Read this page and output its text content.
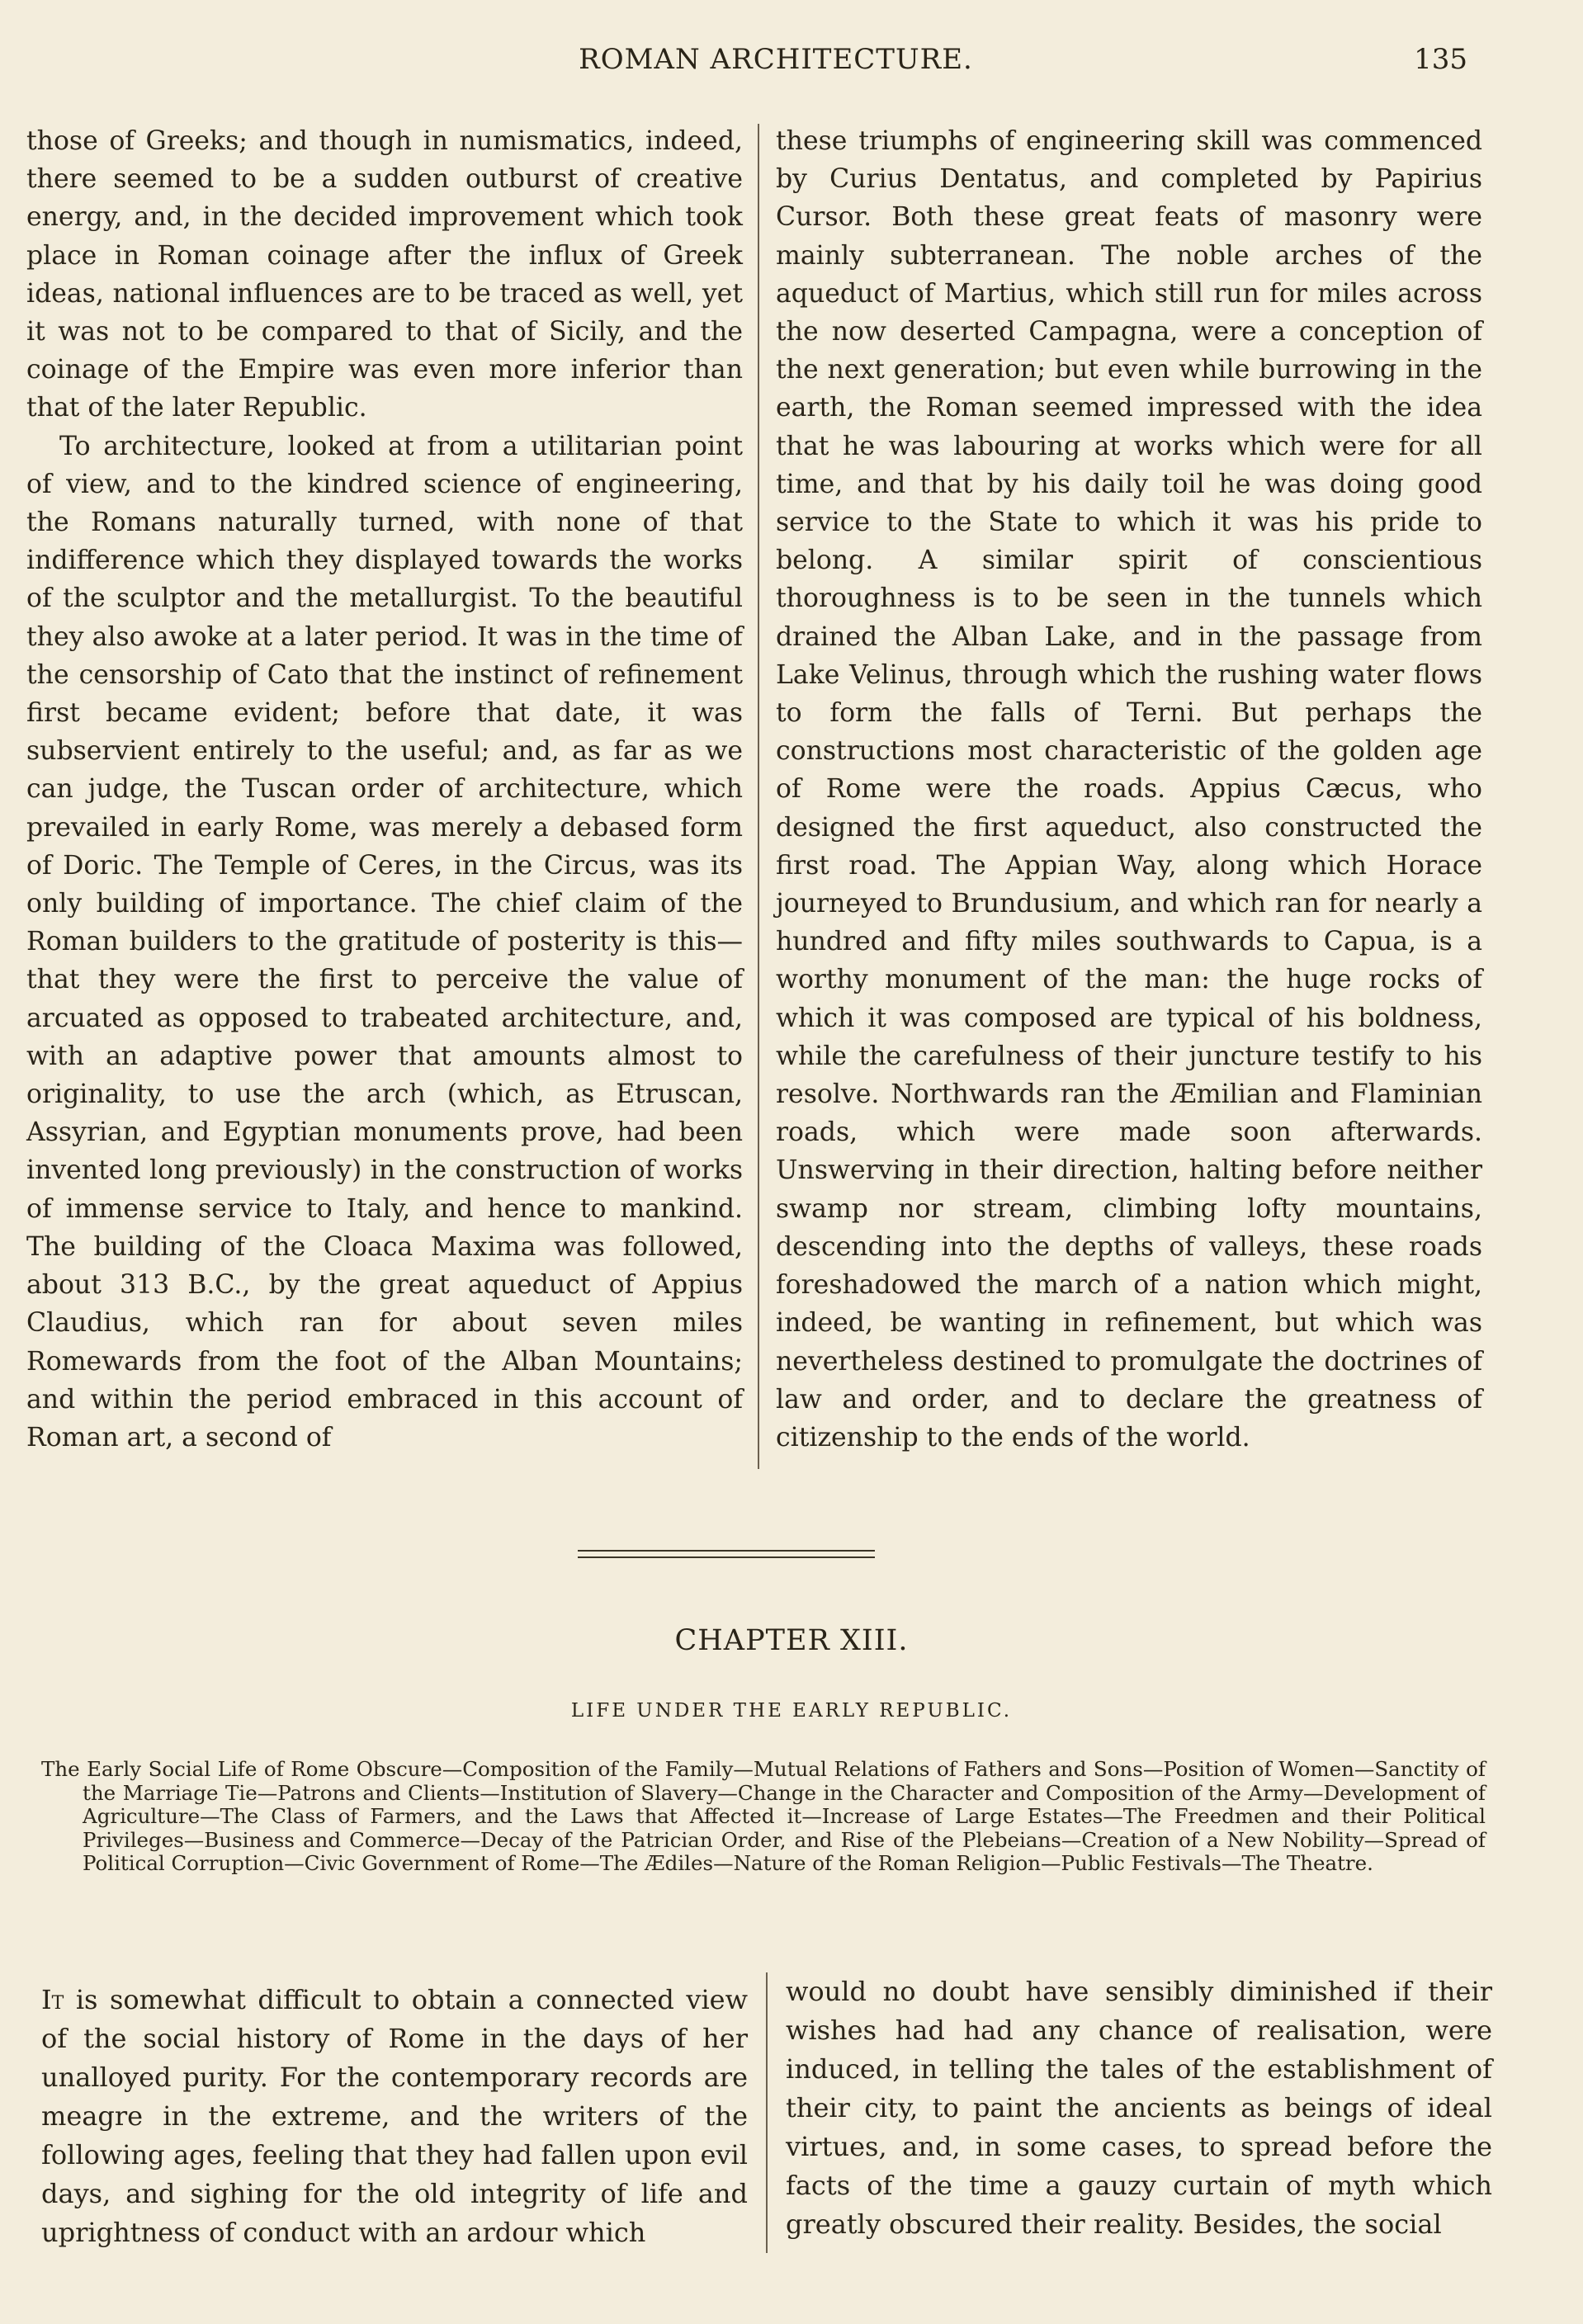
ROMAN ARCHITECTURE.	135

those of Greeks; and though in numismatics, indeed, there seemed to be a sudden outburst of creative energy, and, in the decided improvement which took place in Roman coinage after the influx of Greek ideas, national influences are to be traced as well, yet it was not to be compared to that of Sicily, and the coinage of the Empire was even more inferior than that of the later Republic.

To architecture, looked at from a utilitarian point of view, and to the kindred science of engineering, the Romans naturally turned, with none of that indifference which they displayed towards the works of the sculptor and the metallurgist. To the beautiful they also awoke at a later period. It was in the time of the censorship of Cato that the instinct of refinement first became evident; before that date, it was subservient entirely to the useful; and, as far as we can judge, the Tuscan order of architecture, which prevailed in early Rome, was merely a debased form of Doric. The Temple of Ceres, in the Circus, was its only building of importance. The chief claim of the Roman builders to the gratitude of posterity is this—that they were the first to perceive the value of arcuated as opposed to trabeated architecture, and, with an adaptive power that amounts almost to originality, to use the arch (which, as Etruscan, Assyrian, and Egyptian monuments prove, had been invented long previously) in the construction of works of immense service to Italy, and hence to mankind. The building of the Cloaca Maxima was followed, about 313 B.C., by the great aqueduct of Appius Claudius, which ran for about seven miles Romewards from the foot of the Alban Mountains; and within the period embraced in this account of Roman art, a second of

these triumphs of engineering skill was commenced by Curius Dentatus, and completed by Papirius Cursor. Both these great feats of masonry were mainly subterranean. The noble arches of the aqueduct of Martius, which still run for miles across the now deserted Campagna, were a conception of the next generation; but even while burrowing in the earth, the Roman seemed impressed with the idea that he was labouring at works which were for all time, and that by his daily toil he was doing good service to the State to which it was his pride to belong. A similar spirit of conscientious thoroughness is to be seen in the tunnels which drained the Alban Lake, and in the passage from Lake Velinus, through which the rushing water flows to form the falls of Terni. But perhaps the constructions most characteristic of the golden age of Rome were the roads. Appius Cæcus, who designed the first aqueduct, also constructed the first road. The Appian Way, along which Horace journeyed to Brundusium, and which ran for nearly a hundred and fifty miles southwards to Capua, is a worthy monument of the man: the huge rocks of which it was composed are typical of his boldness, while the carefulness of their juncture testify to his resolve. Northwards ran the Æmilian and Flaminian roads, which were made soon afterwards. Unswerving in their direction, halting before neither swamp nor stream, climbing lofty mountains, descending into the depths of valleys, these roads foreshadowed the march of a nation which might, indeed, be wanting in refinement, but which was nevertheless destined to promulgate the doctrines of law and order, and to declare the greatness of citizenship to the ends of the world.

CHAPTER XIII.
LIFE UNDER THE EARLY REPUBLIC.
The Early Social Life of Rome Obscure—Composition of the Family—Mutual Relations of Fathers and Sons—Position of Women—Sanctity of the Marriage Tie—Patrons and Clients—Institution of Slavery—Change in the Character and Composition of the Army—Development of Agriculture—The Class of Farmers, and the Laws that Affected it—Increase of Large Estates—The Freedmen and their Political Privileges—Business and Commerce—Decay of the Patrician Order, and Rise of the Plebeians—Creation of a New Nobility—Spread of Political Corruption—Civic Government of Rome—The Ædiles—Nature of the Roman Religion—Public Festivals—The Theatre.

It is somewhat difficult to obtain a connected view of the social history of Rome in the days of her unalloyed purity. For the contemporary records are meagre in the extreme, and the writers of the following ages, feeling that they had fallen upon evil days, and sighing for the old integrity of life and uprightness of conduct with an ardour which

would no doubt have sensibly diminished if their wishes had had any chance of realisation, were induced, in telling the tales of the establishment of their city, to paint the ancients as beings of ideal virtues, and, in some cases, to spread before the facts of the time a gauzy curtain of myth which greatly obscured their reality. Besides, the social
